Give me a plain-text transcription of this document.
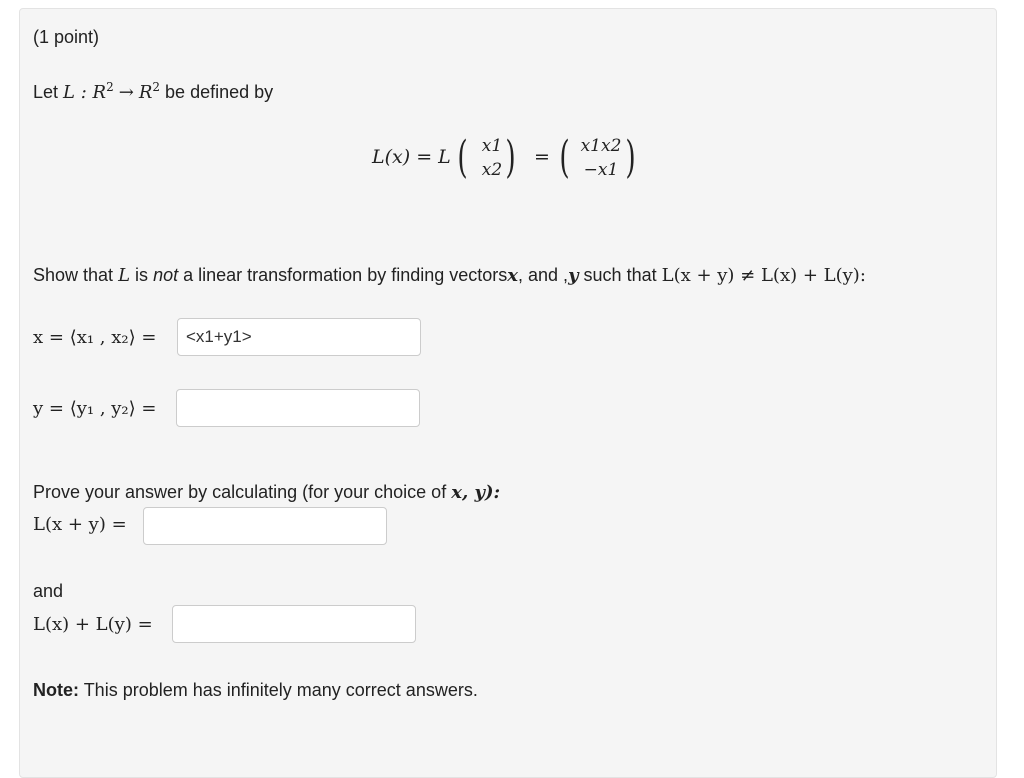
(1 point)
Let L : $R^2 \to R^2$ be defined by
L(x) = L ( x1
x2 ) = ( x1x2
−x1 )
Show that L is not a linear transformation by finding vectorsx, and ,y such that L(x + y) ≠ L(x) + L(y):
x = ⟨x₁ , x₂⟩ =
<x1+y1>
y = ⟨y₁ , y₂⟩ =
Prove your answer by calculating (for your choice of x, y):
L(x + y) =
and
L(x) + L(y) =
Note: This problem has infinitely many correct answers.
